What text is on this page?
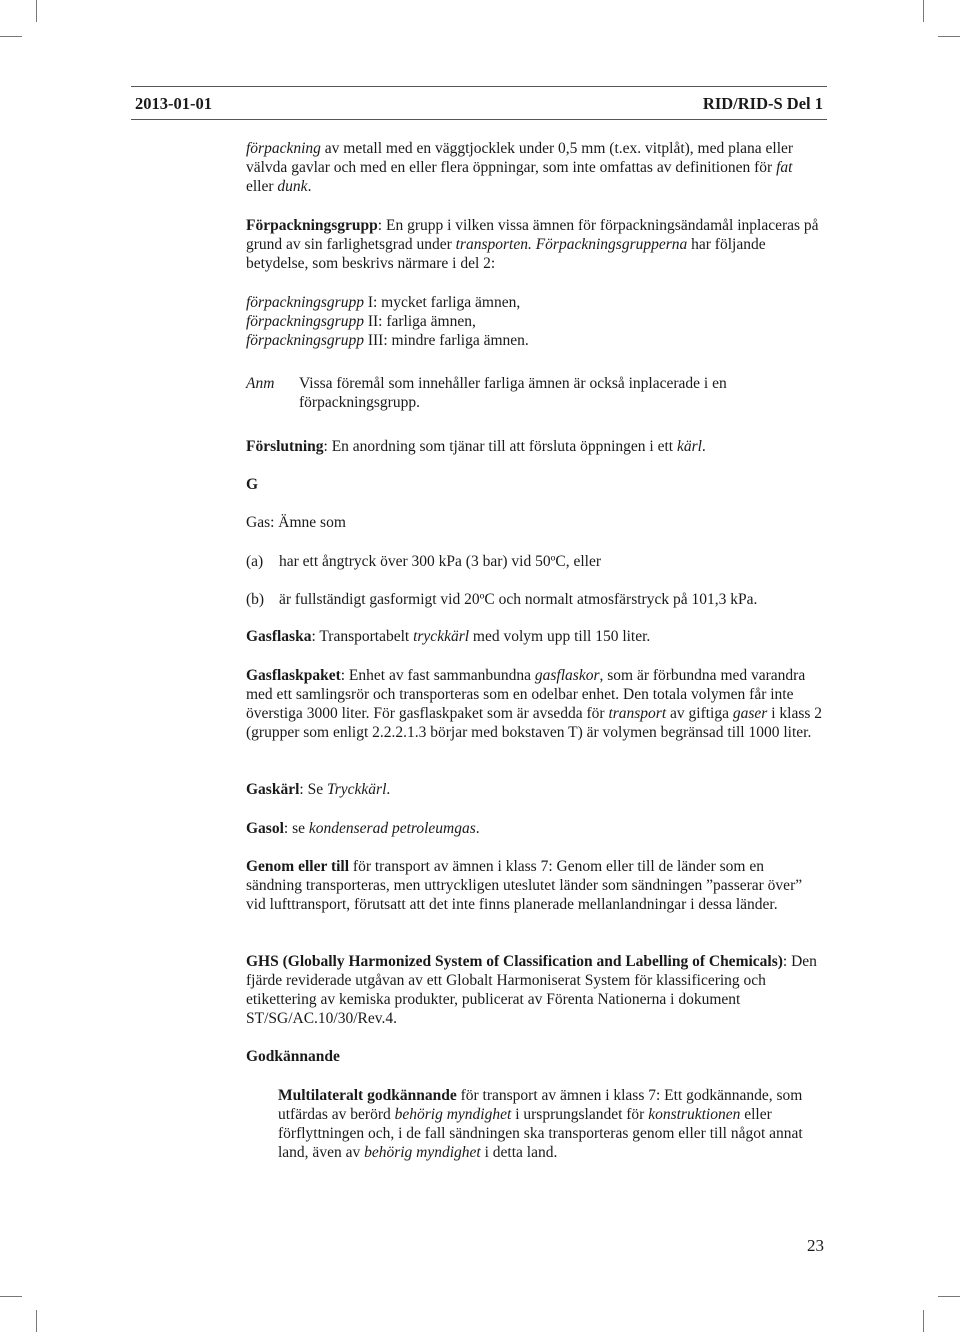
2013-01-01	RID/RID-S Del 1

förpackning av metall med en väggtjocklek under 0,5 mm (t.ex. vitplåt), med plana eller välvda gavlar och med en eller flera öppningar, som inte omfattas av definitionen för fat eller dunk.

Förpackningsgrupp: En grupp i vilken vissa ämnen för förpackningsändamål inplaceras på grund av sin farlighetsgrad under transporten. Förpackningsgrupperna har följande betydelse, som beskrivs närmare i del 2:

förpackningsgrupp I: mycket farliga ämnen,

förpackningsgrupp II: farliga ämnen,

förpackningsgrupp III: mindre farliga ämnen.

Anm	Vissa föremål som innehåller farliga ämnen är också inplacerade i en förpackningsgrupp.

Förslutning: En anordning som tjänar till att försluta öppningen i ett kärl.

G

Gas: Ämne som

(a)	har ett ångtryck över 300 kPa (3 bar) vid 50ºC, eller
(b) är fullständigt gasformigt vid 20ºC och normalt atmosfärstryck på 101,3 kPa.

Gasflaska: Transportabelt tryckkärl med volym upp till 150 liter.

Gasflaskpaket: Enhet av fast sammanbundna gasflaskor, som är förbundna med varandra med ett samlingsrör och transporteras som en odelbar enhet. Den totala volymen får inte överstiga 3000 liter. För gasflaskpaket som är avsedda för transport av giftiga gaser i klass 2 (grupper som enligt 2.2.2.1.3 börjar med bokstaven T) är volymen begränsad till 1000 liter.

Gaskärl: Se Tryckkärl.

Gasol: se kondenserad petroleumgas.

Genom eller till för transport av ämnen i klass 7: Genom eller till de länder som en sändning transporteras, men uttryckligen uteslutet länder som sändningen ”passerar över” vid lufttransport, förutsatt att det inte finns planerade mellanlandningar i dessa länder.

GHS (Globally Harmonized System of Classification and Labelling of Chemicals): Den fjärde reviderade utgåvan av ett Globalt Harmoniserat System för klassificering och etikettering av kemiska produkter, publicerat av Förenta Nationerna i dokument ST/SG/AC.10/30/Rev.4.

Godkännande

Multilateralt godkännande för transport av ämnen i klass 7: Ett godkännande, som utfärdas av berörd behörig myndighet i ursprungslandet för konstruktionen eller förflyttningen och, i de fall sändningen ska transporteras genom eller till något annat land, även av behörig myndighet i detta land.

23
